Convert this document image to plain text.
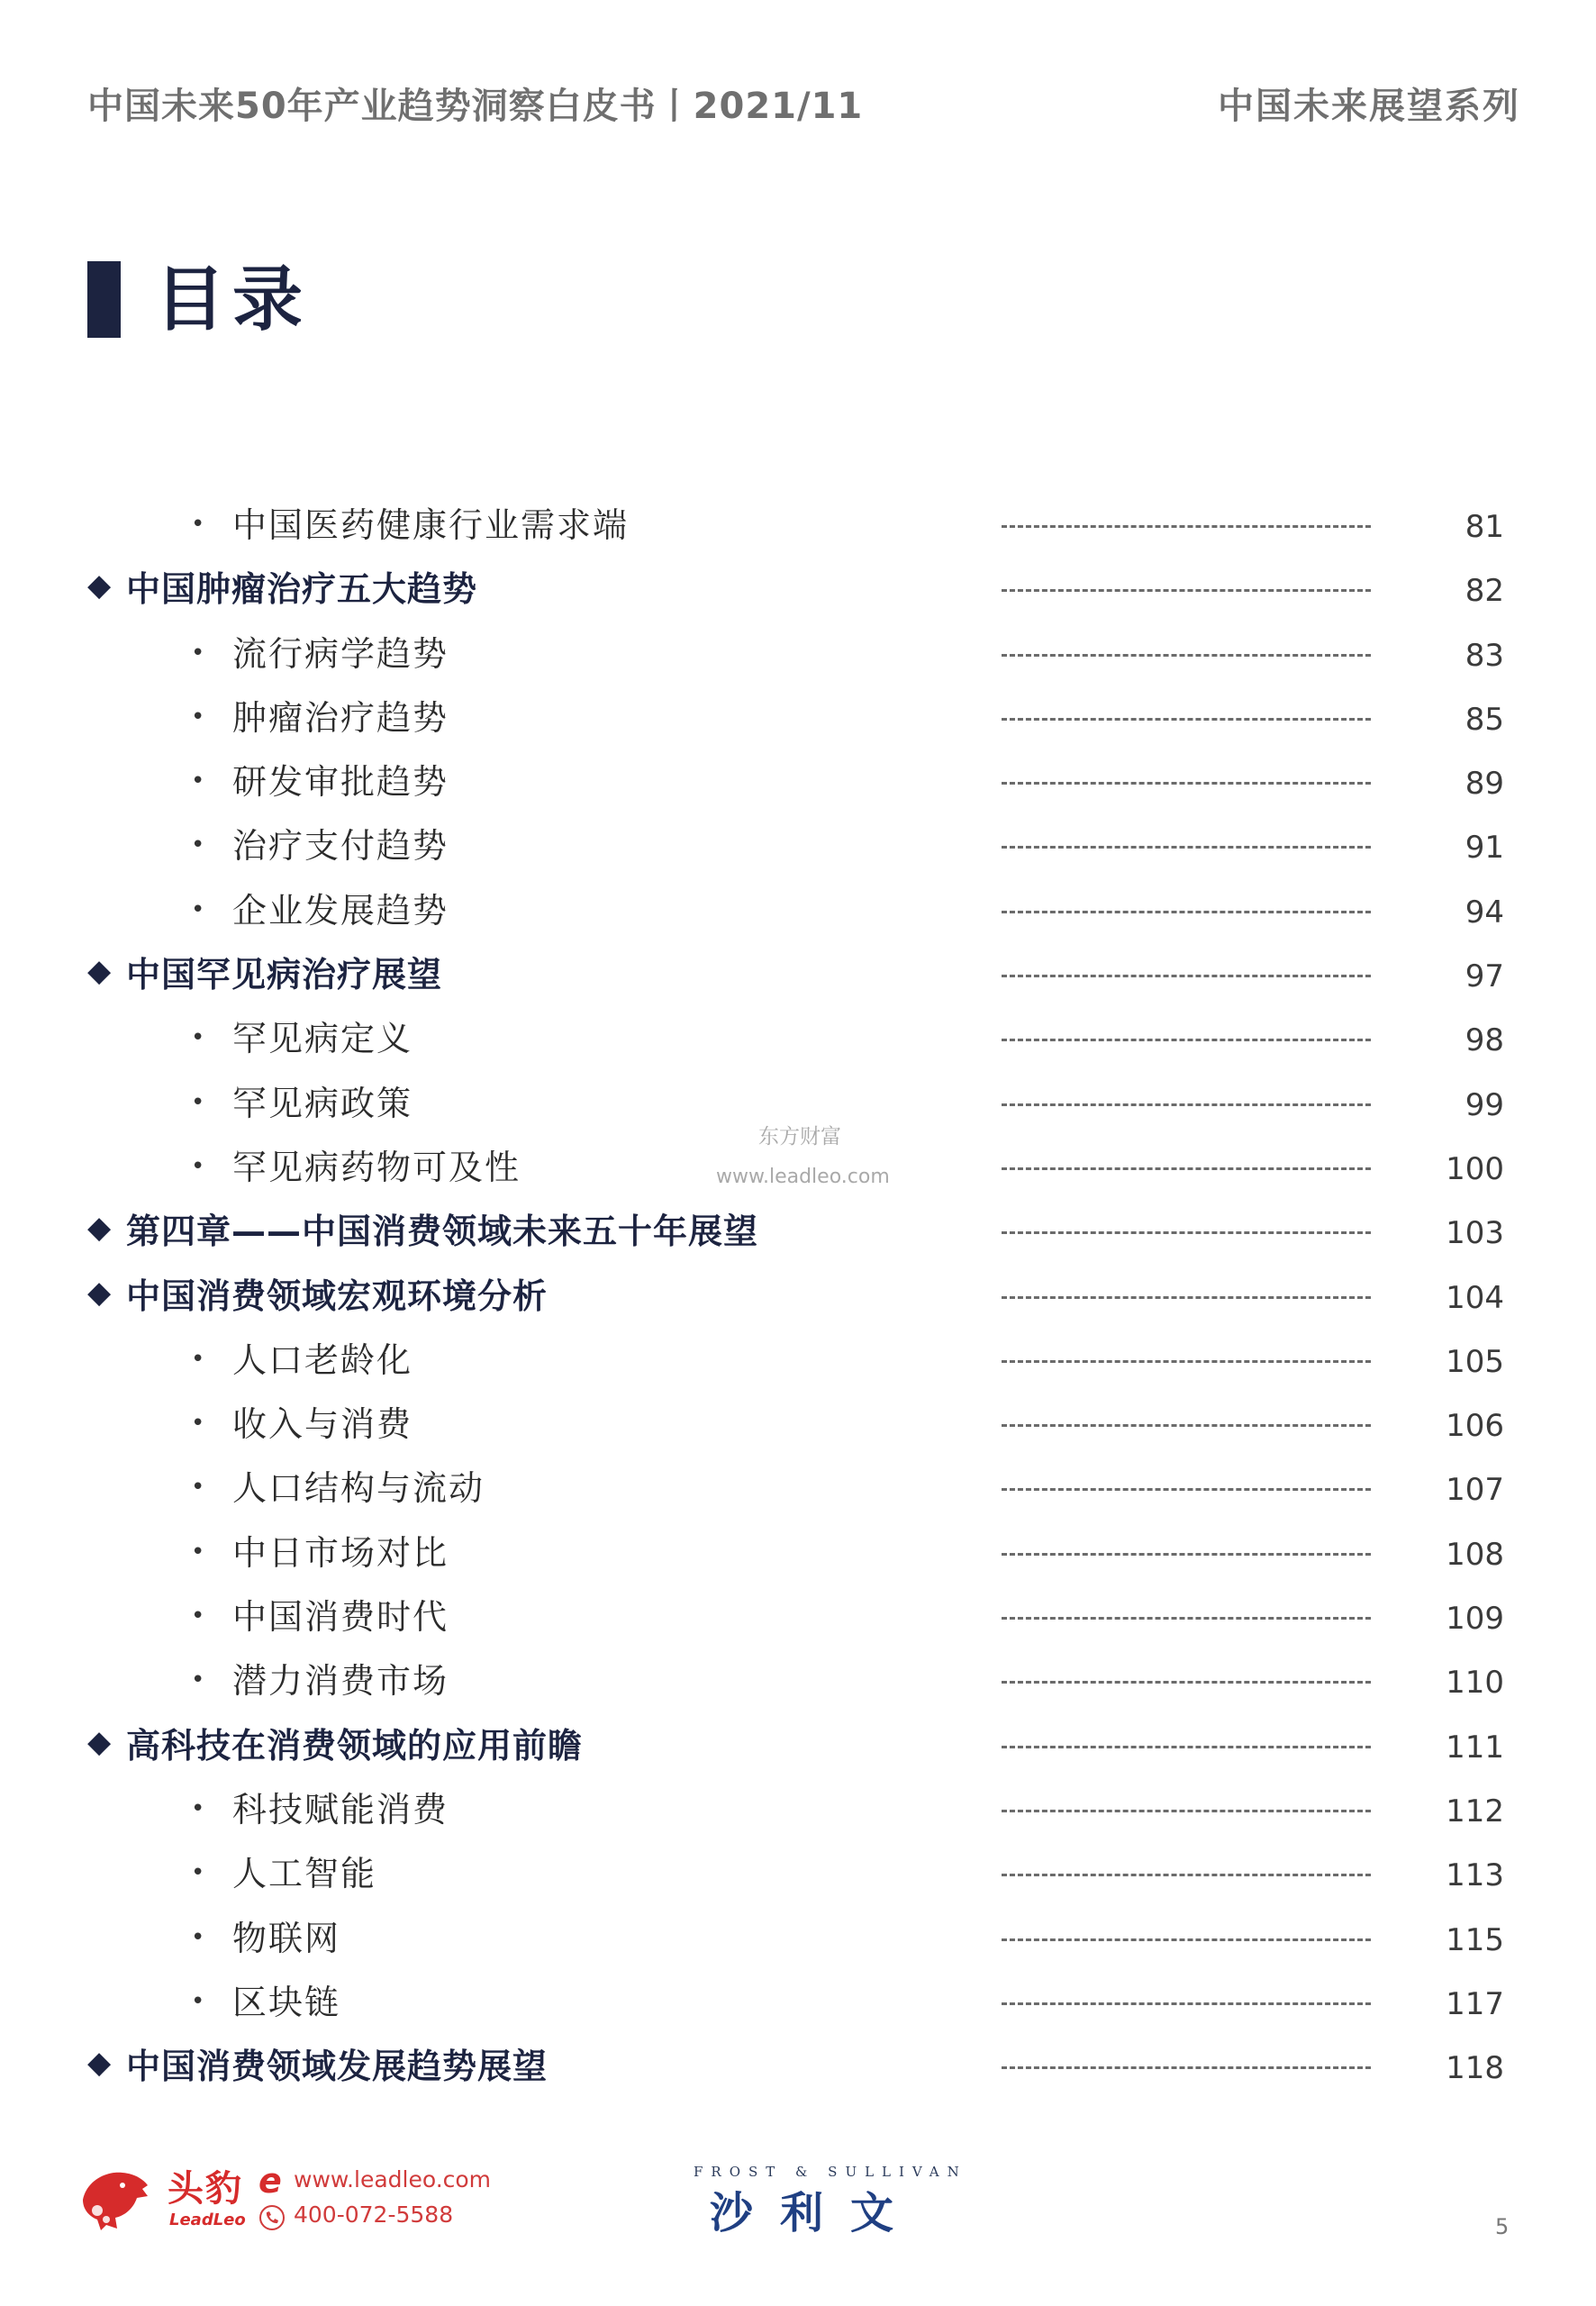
中国未来50年产业趋势洞察白皮书丨2021/11	中国未来展望系列
目录
• 中国医药健康行业需求端	81
◆ 中国肿瘤治疗五大趋势	82
• 流行病学趋势	83
• 肿瘤治疗趋势	85
• 研发审批趋势	89
• 治疗支付趋势	91
• 企业发展趋势	94
◆ 中国罕见病治疗展望	97
• 罕见病定义	98
• 罕见病政策	99
• 罕见病药物可及性	100
◆ 第四章——中国消费领域未来五十年展望	103
◆ 中国消费领域宏观环境分析	104
• 人口老龄化	105
• 收入与消费	106
• 人口结构与流动	107
• 中日市场对比	108
• 中国消费时代	109
• 潜力消费市场	110
◆ 高科技在消费领域的应用前瞻	111
• 科技赋能消费	112
• 人工智能	113
• 物联网	115
• 区块链	117
◆ 中国消费领域发展趋势展望	118
东方财富
www.leadleo.com
头豹
LeadLeo
e www.leadleo.com
400-072-5588
FROST & SULLIVAN
沙利文	5
